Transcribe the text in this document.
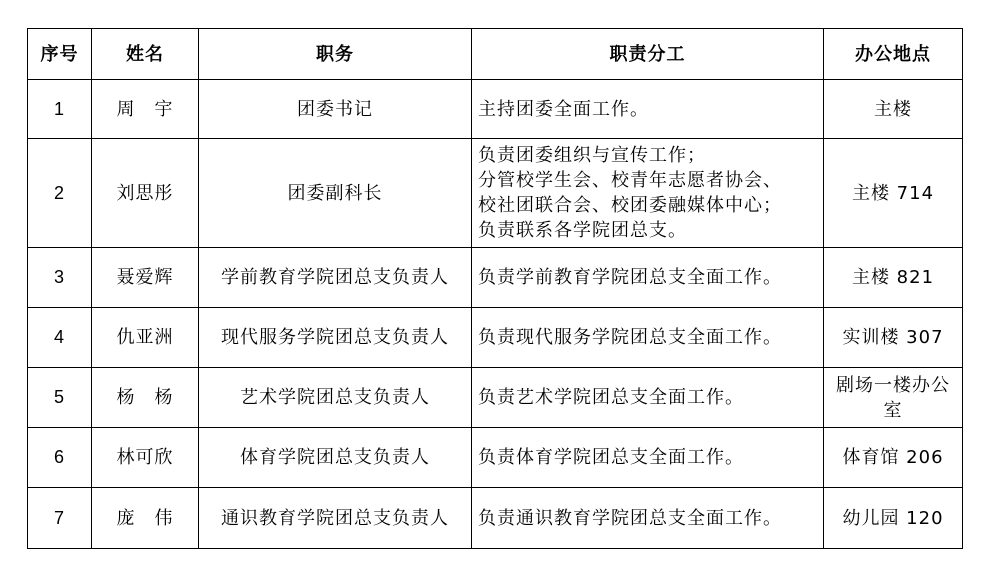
序号	姓名	职务	职责分工	办公地点
1	周　宇	团委书记	主持团委全面工作。	主楼
2	刘思彤	团委副科长	负责团委组织与宣传工作；
分管校学生会、校青年志愿者协会、
校社团联合会、校团委融媒体中心；
负责联系各学院团总支。	主楼 714
3	聂爱辉	学前教育学院团总支负责人	负责学前教育学院团总支全面工作。	主楼 821
4	仇亚洲	现代服务学院团总支负责人	负责现代服务学院团总支全面工作。	实训楼 307
5	杨　杨	艺术学院团总支负责人	负责艺术学院团总支全面工作。	剧场一楼办公室
6	林可欣	体育学院团总支负责人	负责体育学院团总支全面工作。	体育馆 206
7	庞　伟	通识教育学院团总支负责人	负责通识教育学院团总支全面工作。	幼儿园 120
